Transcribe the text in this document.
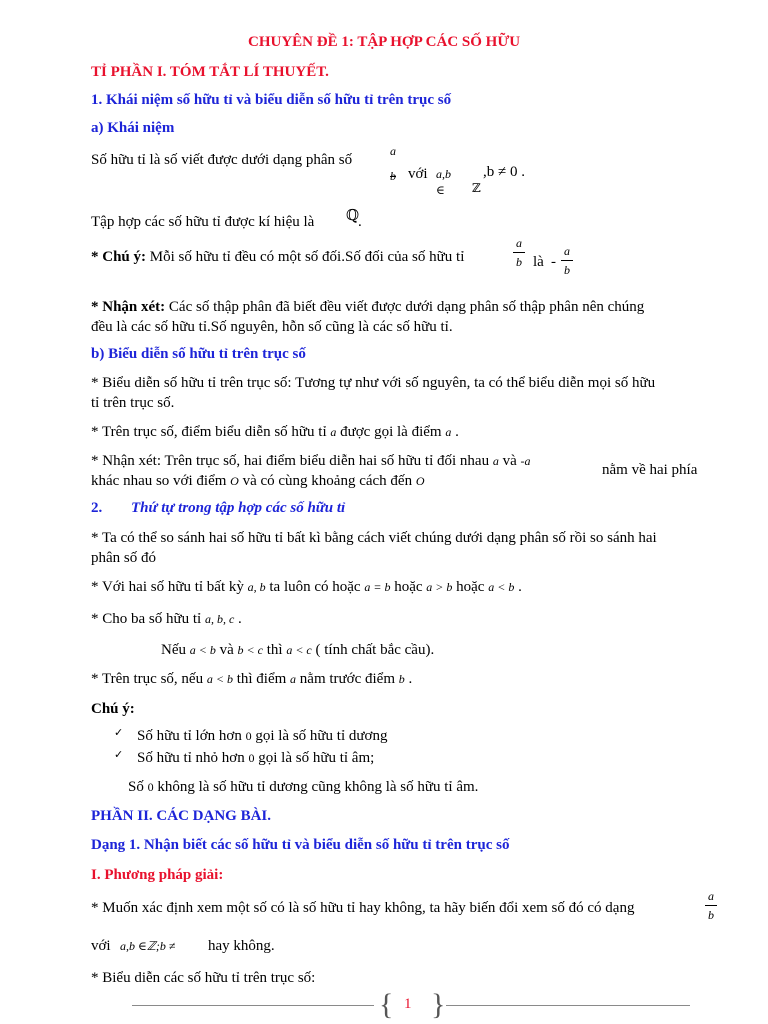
CHUYÊN ĐỀ 1: TẬP HỢP CÁC SỐ HỮU
TỈ PHẦN I. TÓM TẮT LÍ THUYẾT.
1. Khái niệm số hữu tỉ và biểu diễn số hữu tỉ trên trục số
a) Khái niệm
Số hữu tỉ là số viết được dưới dạng phân số
a
b với a,b
∈ ℤ
,b ≠ 0 .
Tập hợp các số hữu tỉ được kí hiệu là ℚ
.
* Chú ý: Mỗi số hữu tỉ đều có một số đối.Số đối của số hữu tỉ
a
b là -
a
b
* Nhận xét: Các số thập phân đã biết đều viết được dưới dạng phân số thập phân nên chúng
đều là các số hữu tỉ.Số nguyên, hỗn số cũng là các số hữu tỉ.
b) Biểu diễn số hữu tỉ trên trục số
* Biểu diễn số hữu tỉ trên trục số: Tương tự như với số nguyên, ta có thể biểu diễn mọi số hữu
tỉ trên trục số.
* Trên trục số, điểm biểu diễn số hữu tỉ a được gọi là điểm a .
* Nhận xét: Trên trục số, hai điểm biểu diễn hai số hữu tỉ đối nhau a và -a
nằm về hai phía
khác nhau so với điểm O và có cùng khoảng cách đến O
2. Thứ tự trong tập hợp các số hữu tỉ
* Ta có thể so sánh hai số hữu tỉ bất kì bằng cách viết chúng dưới dạng phân số rồi so sánh hai
phân số đó
* Với hai số hữu tỉ bất kỳ a, b ta luôn có hoặc a = b hoặc a > b hoặc a < b .
* Cho ba số hữu tỉ a, b, c .
Nếu a < b và b < c thì a < c ( tính chất bắc cầu).
* Trên trục số, nếu a < b thì điểm a nằm trước điểm b .
Chú ý:
✓ Số hữu tỉ lớn hơn 0 gọi là số hữu tỉ dương
✓ Số hữu tỉ nhỏ hơn 0 gọi là số hữu tỉ âm;
Số 0 không là số hữu tỉ dương cũng không là số hữu tỉ âm.
PHẦN II. CÁC DẠNG BÀI.
Dạng 1. Nhận biết các số hữu tỉ và biểu diễn số hữu tỉ trên trục số
I. Phương pháp giải:
* Muốn xác định xem một số có là số hữu tỉ hay không, ta hãy biến đổi xem số đó có dạng
a
b
với a,b ∈ℤ;b ≠ hay không.
* Biểu diễn các số hữu tỉ trên trục số:
{ 1 }
